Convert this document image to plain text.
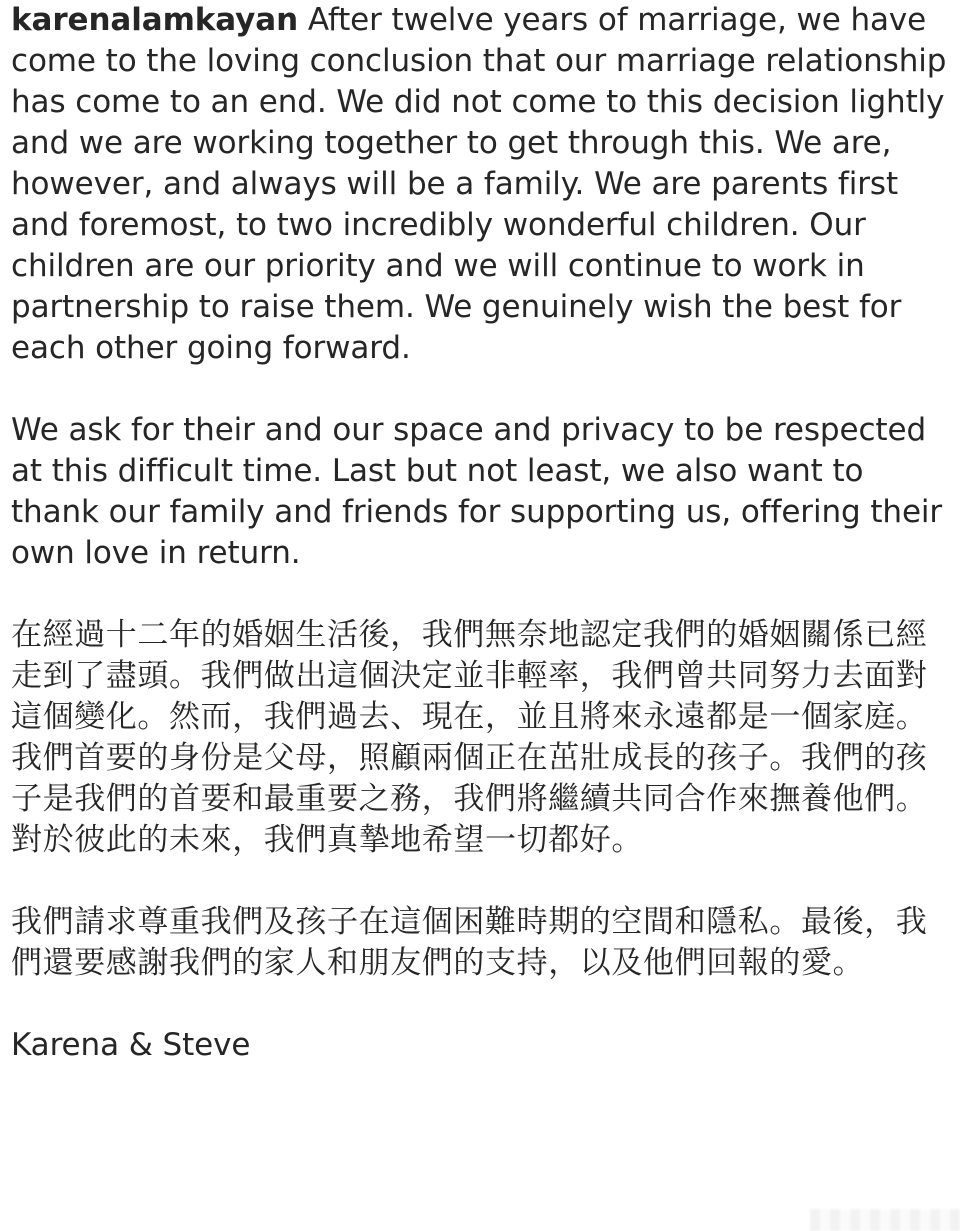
karenalamkayan After twelve years of marriage, we have come to the loving conclusion that our marriage relationship has come to an end. We did not come to this decision lightly and we are working together to get through this. We are, however, and always will be a family. We are parents first and foremost, to two incredibly wonderful children. Our children are our priority and we will continue to work in partnership to raise them. We genuinely wish the best for each other going forward.

We ask for their and our space and privacy to be respected at this difficult time. Last but not least, we also want to thank our family and friends for supporting us, offering their own love in return.

在經過十二年的婚姻生活後，我們無奈地認定我們的婚姻關係已經走到了盡頭。我們做出這個決定並非輕率，我們曾共同努力去面對這個變化。然而，我們過去、現在，並且將來永遠都是一個家庭。我們首要的身份是父母，照顧兩個正在茁壯成長的孩子。我們的孩子是我們的首要和最重要之務，我們將繼續共同合作來撫養他們。對於彼此的未來，我們真摯地希望一切都好。

我們請求尊重我們及孩子在這個困難時期的空間和隱私。最後，我們還要感謝我們的家人和朋友們的支持，以及他們回報的愛。

Karena & Steve
